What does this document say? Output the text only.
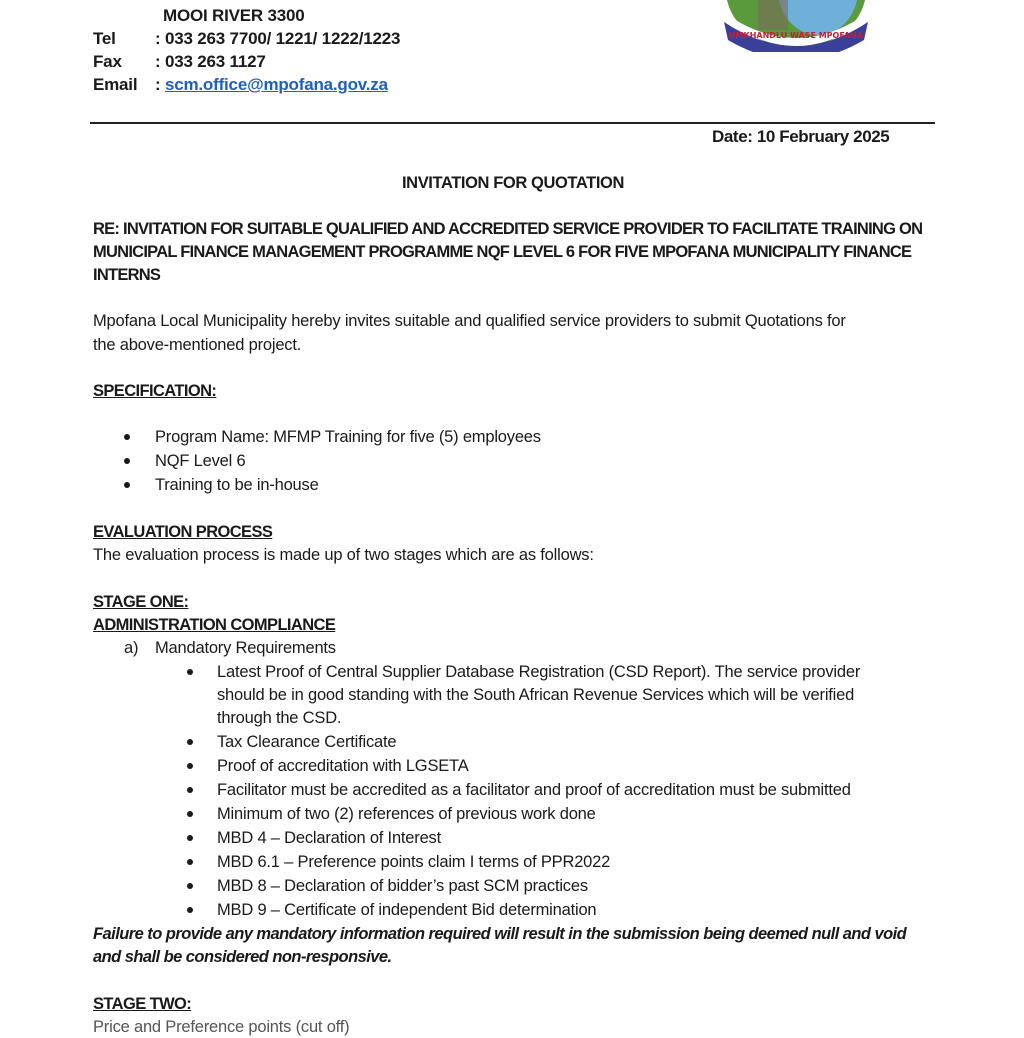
MOOI RIVER 3300
Tel : 033 263 7700/ 1221/ 1222/1223
Fax : 033 263 1127
Email : scm.office@mpofana.gov.za
UMKHANDLU WASE MPOFANA
Date: 10 February 2025
INVITATION FOR QUOTATION
RE: INVITATION FOR SUITABLE QUALIFIED AND ACCREDITED SERVICE PROVIDER TO FACILITATE TRAINING ON
MUNICIPAL FINANCE MANAGEMENT PROGRAMME NQF LEVEL 6 FOR FIVE MPOFANA MUNICIPALITY FINANCE
INTERNS
Mpofana Local Municipality hereby invites suitable and qualified service providers to submit Quotations for
the above-mentioned project.
SPECIFICATION:
Program Name: MFMP Training for five (5) employees
NQF Level 6
Training to be in-house
EVALUATION PROCESS
The evaluation process is made up of two stages which are as follows:
STAGE ONE:
ADMINISTRATION COMPLIANCE
a) Mandatory Requirements
Latest Proof of Central Supplier Database Registration (CSD Report). The service provider
should be in good standing with the South African Revenue Services which will be verified
through the CSD.
Tax Clearance Certificate
Proof of accreditation with LGSETA
Facilitator must be accredited as a facilitator and proof of accreditation must be submitted
Minimum of two (2) references of previous work done
MBD 4 – Declaration of Interest
MBD 6.1 – Preference points claim I terms of PPR2022
MBD 8 – Declaration of bidder’s past SCM practices
MBD 9 – Certificate of independent Bid determination
Failure to provide any mandatory information required will result in the submission being deemed null and void
and shall be considered non-responsive.
STAGE TWO:
Price and Preference points (cut off)
